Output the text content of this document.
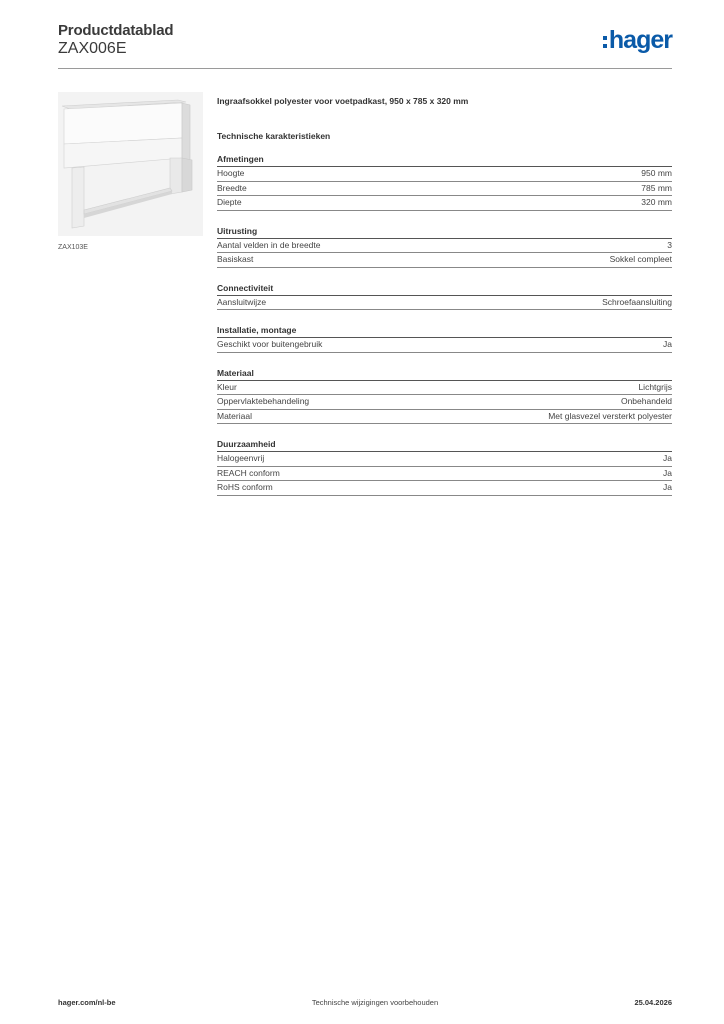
Productdatablad
ZAX006E	hager
ZAX103E
Ingraafsokkel polyester voor voetpadkast, 950 x 785 x 320 mm
Technische karakteristieken
Afmetingen
Hoogte	950 mm
Breedte	785 mm
Diepte	320 mm
Uitrusting
Aantal velden in de breedte	3
Basiskast	Sokkel compleet
Connectiviteit
Aansluitwijze	Schroefaansluiting
Installatie, montage
Geschikt voor buitengebruik	Ja
Materiaal
Kleur	Lichtgrijs
Oppervlaktebehandeling	Onbehandeld
Materiaal	Met glasvezel versterkt polyester
Duurzaamheid
Halogeenvrij	Ja
REACH conform	Ja
RoHS conform	Ja
hager.com/nl-be	Technische wijzigingen voorbehouden	25.04.2026
